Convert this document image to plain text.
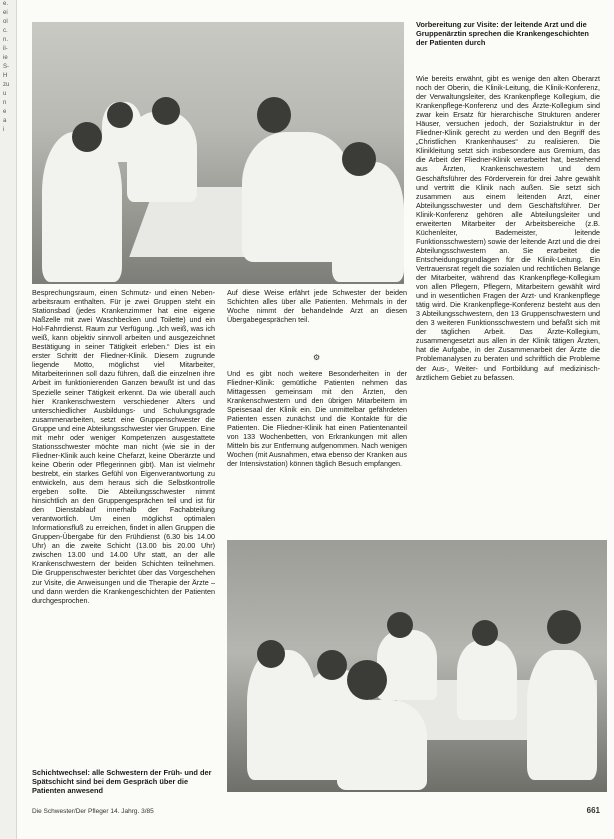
e.
ei
ol
c.
n.
il-
ie
S-
H
zu
u
n
e
a
i
Vorbereitung zur Visite: der leitende Arzt und die Gruppenärztin sprechen die Krankengeschichten der Patienten durch
Wie bereits erwähnt, gibt es wenige den alten Oberarzt noch der Oberin, die Klinik-Leitung, die Klinik-Konferenz, der Verwaltungsleiter, des Krankenpflege Kollegium, die Krankenpflege-Konferenz und des Ärzte-Kollegium sind zwar kein Ersatz für hierarchische Strukturen anderer Häuser, versuchen jedoch, der Sozialstruktur in der Fliedner-Klinik gerecht zu werden und den Begriff des „Christlichen Krankenhauses“ zu realisieren. Die Klinikleitung setzt sich insbesondere aus Gremium, das die Arbeit der Fliedner-Klinik verarbeitet hat, bestehend aus Ärzten, Krankenschwestern und dem Geschäftsführer des Förderverein für drei Jahre gewählt und vertritt die Klinik nach außen. Sie setzt sich zusammen aus einem leitenden Arzt, einer Abteilungsschwester und dem Geschäftsführer. Der Klinik-Konferenz gehören alle Abteilungsleiter und erweiterten Mitarbeiter der Arbeitsbereiche (z.B. Küchenleiter, Bademeister, leitende Funktionsschwestern) sowie der leitende Arzt und die drei Abteilungsschwestern an. Sie erarbeitet die Entscheidungsgrundlagen für die Klinik-Leitung. Ein Vertrauensrat regelt die sozialen und rechtlichen Belange der Mitarbeiter, während das Krankenpflege-Kollegium von allen Pflegern, Pflegern, Mitarbeitern gewählt wird und in wesentlichen Fragen der Arzt- und Krankenpflege tätig wird. Die Krankenpflege-Konferenz besteht aus den 3 Abteilungsschwestern, den 13 Gruppenschwestern und den 3 weiteren Funktionsschwestern und befaßt sich mit der täglichen Arbeit. Das Ärzte-Kollegium, zusammengesetzt aus allen in der Klinik tätigen Ärzten, hat die Aufgabe, in der Zusammenarbeit der Ärzte die Problemanalysen zu beraten und schriftlich die Probleme der Aus-, Weiter- und Fortbildung auf medizinisch-ärztlichem Gebiet zu befassen.
Besprechungsraum, einen Schmutz- und einen Neben-arbeitsraum enthalten. Für je zwei Gruppen steht ein Stationsbad (jedes Krankenzimmer hat eine eigene Naßzelle mit zwei Waschbecken und Toilette) und ein Hol-Fahrrdienst. Raum zur Verfügung. „Ich weiß, was ich weiß, kann objektiv sinnvoll arbeiten und ausgezeichnet Bestätigung in seiner Tätigkeit erleben.“ Dies ist ein erster Schritt der Fliedner-Klinik. Diesem zugrunde liegende Motto, möglichst viel Mitarbeiter, Mitarbeiterinnen soll dazu führen, daß die einzelnen ihre Arbeit im funktionierenden Ganzen bewußt ist und das Spezielle seiner Tätigkeit erkennt. Da wie überall auch hier Krankenschwestern verschiedener Alters und unterschiedlicher Ausbildungs- und Schulungsgrade zusammenarbeiten, setzt eine Gruppenschwester die Gruppe und eine Abteilungsschwester vier Gruppen. Eine mit mehr oder weniger Kompetenzen ausgestattete Stationsschwester möchte man nicht (wie sie in der Fliedner-Klinik auch keine Chefarzt, keine Oberärzte und keine Oberin oder Pflegerinnen gibt). Man ist vielmehr bestrebt, ein starkes Gefühl von Eigenverantwortung zu entwickeln, aus dem heraus sich die Selbstkontrolle ergeben sollte. Die Abteilungsschwester nimmt hinsichtlich an den Gruppengesprächen teil und ist für den Dienstablauf innerhalb der Fachabteilung verantwortlich. Um einen möglichst optimalen Informationsfluß zu erreichen, findet in allen Gruppen die Gruppen-Übergabe für den Frühdienst (6.30 bis 14.00 Uhr) an die zweite Schicht (13.00 bis 20.00 Uhr) zwischen 13.00 und 14.00 Uhr statt, an der alle Krankenschwestern der beiden Schichten teilnehmen. Die Gruppenschwester berichtet über das Vorgeschehen zur Visite, die Anweisungen und die Therapie der Ärzte – und dann werden die Krankengeschichten der Patienten durchgesprochen.
Auf diese Weise erfährt jede Schwester der beiden Schichten alles über alle Patienten. Mehrmals in der Woche nimmt der behandelnde Arzt an diesen Übergabegesprächen teil.
⚙
Und es gibt noch weitere Besonderheiten in der Fliedner-Klinik: gemütliche Patienten nehmen das Mittagessen gemeinsam mit den Ärzten, den Krankenschwestern und den übrigen Mitarbeitern im Speisesaal der Klinik ein. Die unmittelbar gefährdeten Patienten essen zunächst und die Kontakte für die Patienten. Die Fliedner-Klinik hat einen Patientenanteil von 133 Wochenbetten, von Erkrankungen mit allen Mitteln bis zur Entfernung aufgenommen. Nach wenigen Wochen (mit Ausnahmen, etwa ebenso der Kranken aus der Intensivstation) können täglich Besuch empfangen.
Schichtwechsel: alle Schwestern der Früh- und der Spätschicht sind bei dem Gespräch über die Patienten anwesend
Die Schwester/Der Pfleger 14. Jahrg. 3/85	661
